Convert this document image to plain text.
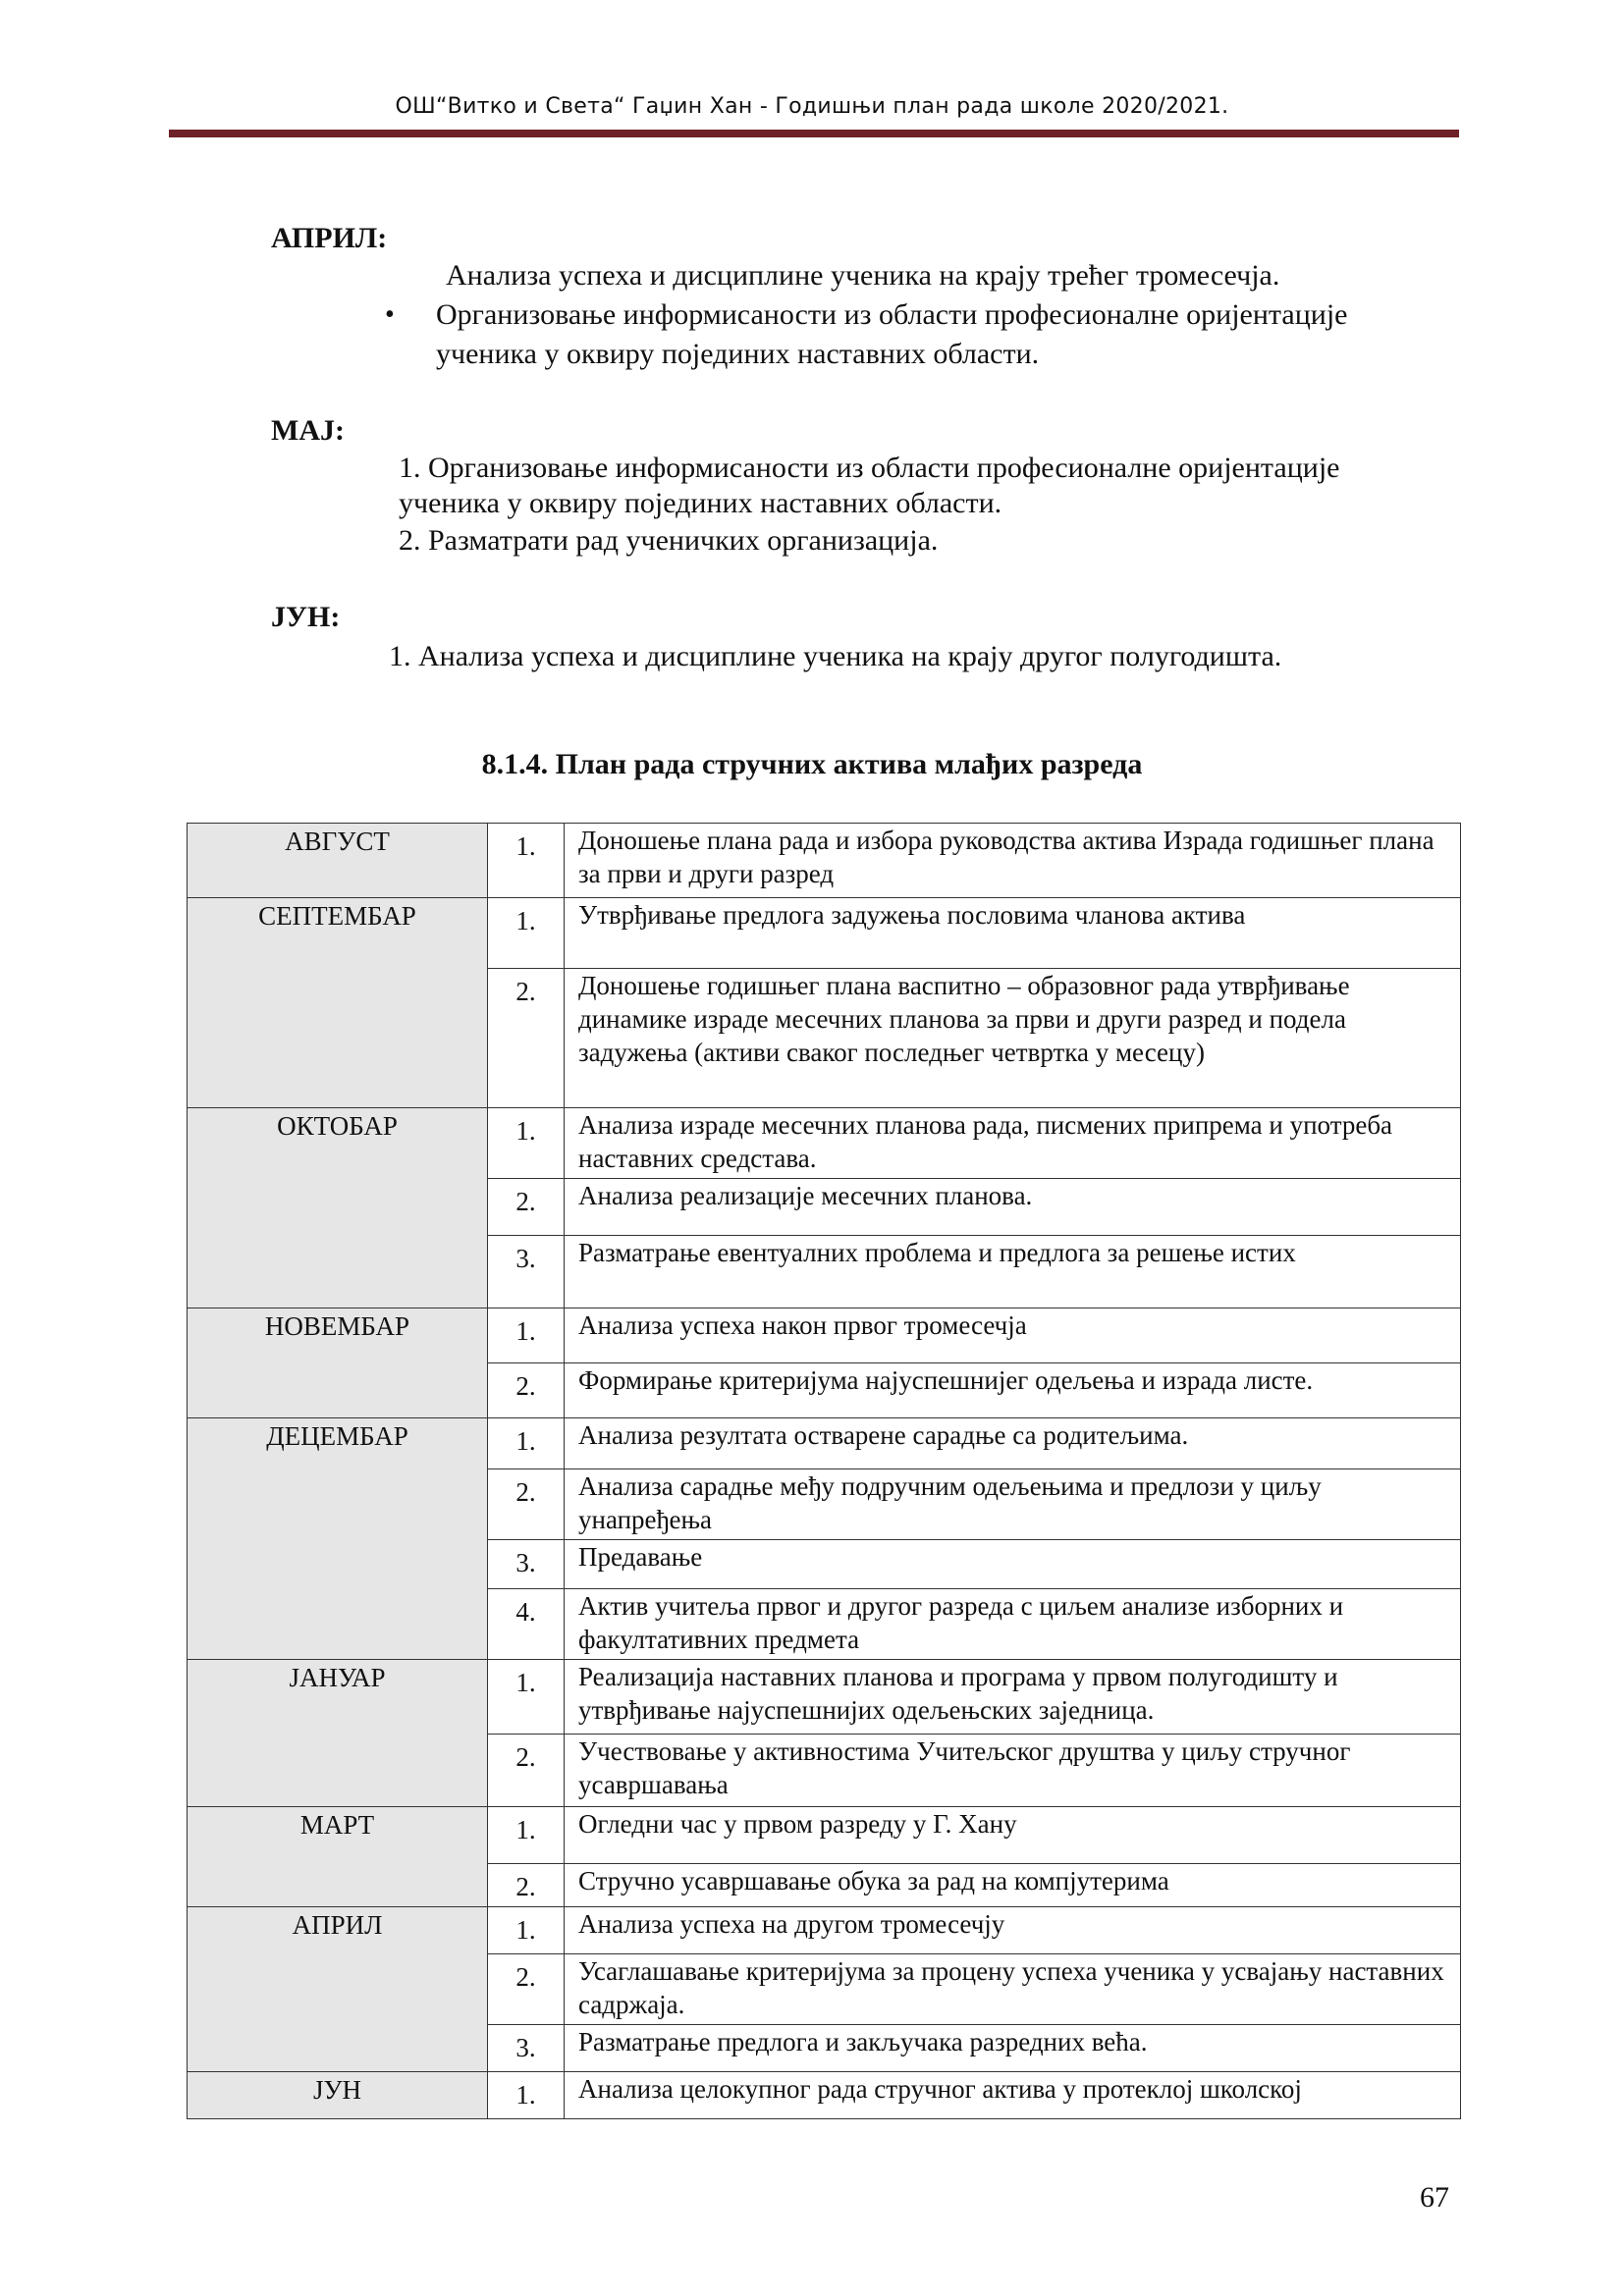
ОШ“Витко и Света“ Гаџин Хан - Годишњи план рада школе 2020/2021.
АПРИЛ:
Анализа успеха и дисциплине ученика на крају трећег тромесечја.
• Организовање информисаности из области професионалне оријентације
ученика у оквиру појединих наставних области.
МАЈ:
1. Организовање информисаности из области професионалне оријентације
ученика у оквиру појединих наставних области.
2. Разматрати рад ученичких организација.
ЈУН:
1. Анализа успеха и дисциплине ученика на крају другог полугодишта.
8.1.4. План рада стручних актива млађих разреда
АВГУСТ	1.	Доношење плана рада и избора руководства актива Израда годишњег плана за први и други разред
СЕПТЕМБАР	1.	Утврђивање предлога задужења пословима чланова актива
	2.	Доношење годишњег плана васпитно – образовног рада утврђивање динамике израде месечних планова за први и други разред и подела задужења (активи сваког последњег четвртка у месецу)
ОКТОБАР	1.	Анализа израде месечних планова рада, писмених припрема и употреба наставних средстава.
	2.	Анализа реализације месечних планова.
	3.	Разматрање евентуалних проблема и предлога за решење истих
НОВЕМБАР	1.	Анализа успеха након првог тромесечја
	2.	Формирање критеријума најуспешнијег одељења и израда листе.
ДЕЦЕМБАР	1.	Анализа резултата остварене сарадње са родитељима.
	2.	Анализа сарадње међу подручним одељењима и предлози у циљу унапређења
	3.	Предавање
	4.	Актив учитеља првог и другог разреда с циљем анализе изборних и факултативних предмета
ЈАНУАР	1.	Реализација наставних планова и програма у првом полугодишту и утврђивање најуспешнијих одељењских заједница.
	2.	Учествовање у активностима Учитељског друштва у циљу стручног усавршавања
МАРТ	1.	Огледни час у првом разреду у Г. Хану
	2.	Стручно усавршавање обука за рад на компјутерима
АПРИЛ	1.	Анализа успеха на другом тромесечју
	2.	Усаглашавање критеријума за процену успеха ученика у усвајању наставних садржаја.
	3.	Разматрање предлога и закључака разредних већа.
ЈУН	1.	Анализа целокупног рада стручног актива у протеклој школској
67
